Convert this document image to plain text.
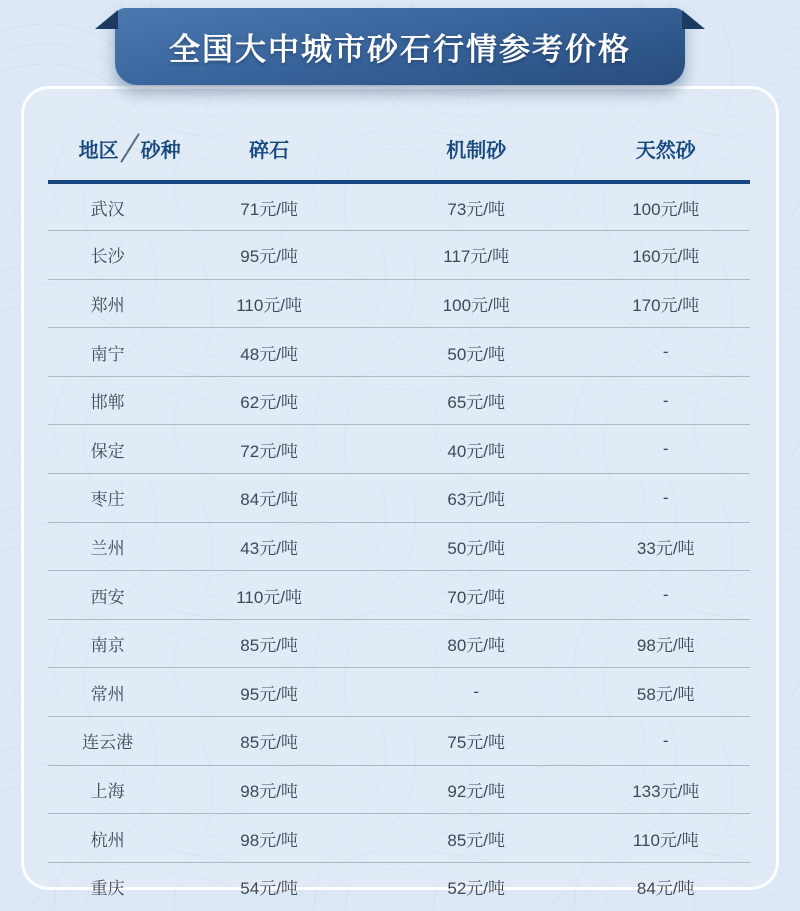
全国大中城市砂石行情参考价格
地区 砂种	碎石	机制砂	天然砂
武汉	71元/吨	73元/吨	100元/吨
长沙	95元/吨	117元/吨	160元/吨
郑州	110元/吨	100元/吨	170元/吨
南宁	48元/吨	50元/吨	-
邯郸	62元/吨	65元/吨	-
保定	72元/吨	40元/吨	-
枣庄	84元/吨	63元/吨	-
兰州	43元/吨	50元/吨	33元/吨
西安	110元/吨	70元/吨	-
南京	85元/吨	80元/吨	98元/吨
常州	95元/吨	-	58元/吨
连云港	85元/吨	75元/吨	-
上海	98元/吨	92元/吨	133元/吨
杭州	98元/吨	85元/吨	110元/吨
重庆	54元/吨	52元/吨	84元/吨
